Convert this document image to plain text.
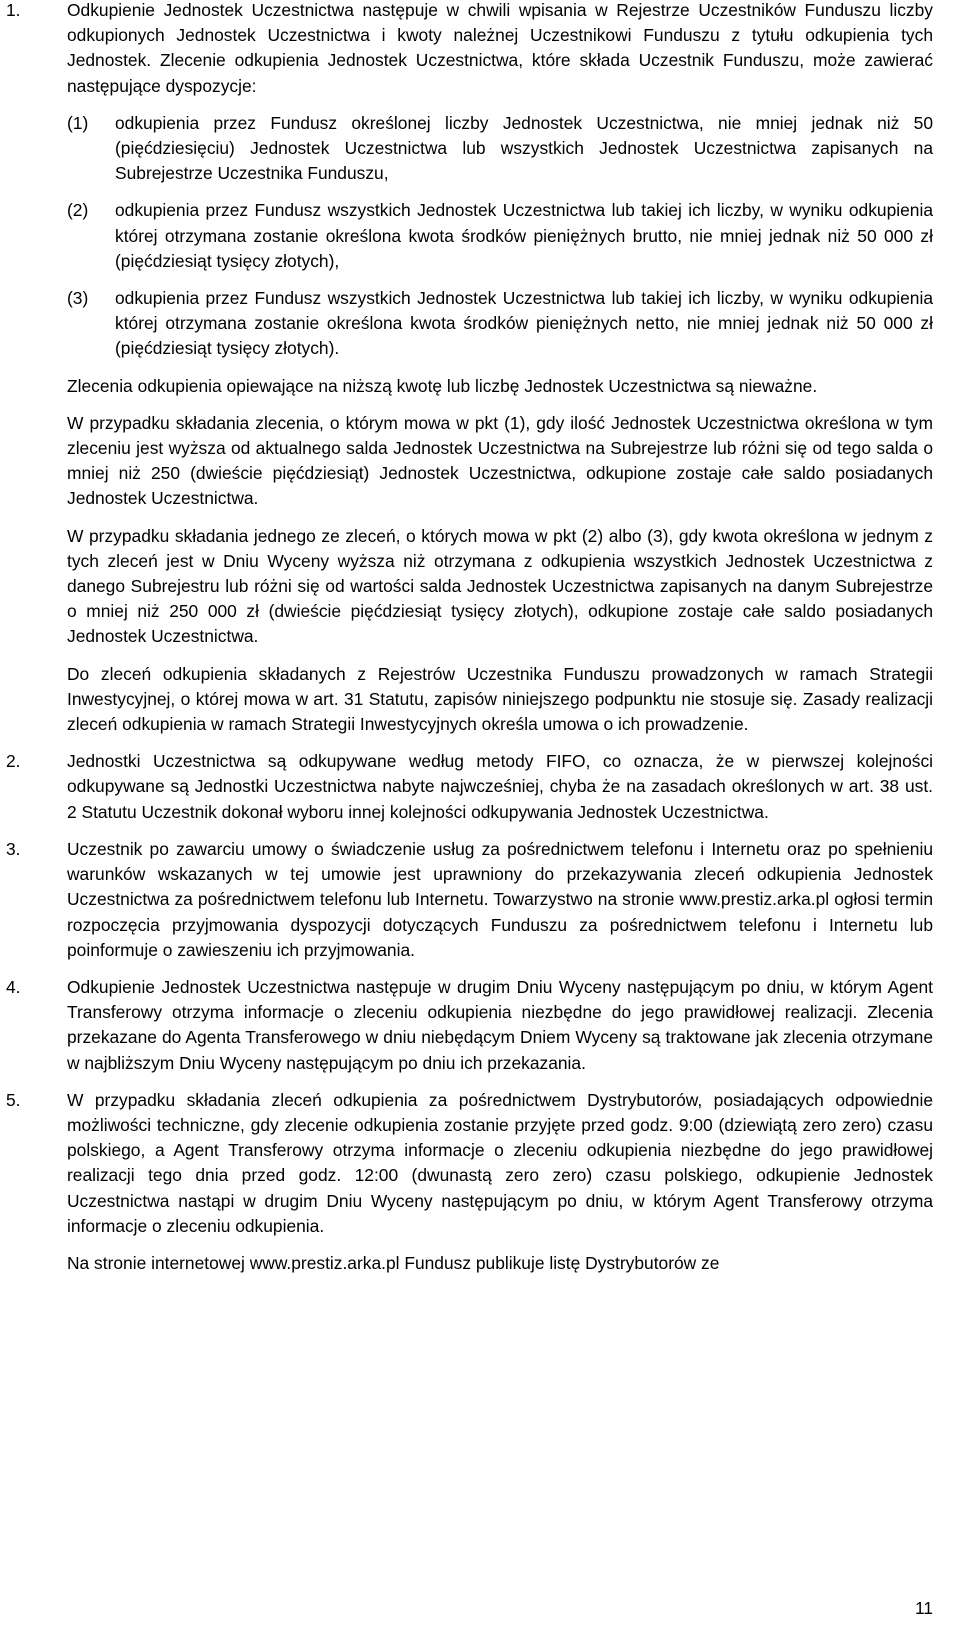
1.	Odkupienie Jednostek Uczestnictwa następuje w chwili wpisania w Rejestrze Uczestników Funduszu liczby odkupionych Jednostek Uczestnictwa i kwoty należnej Uczestnikowi Funduszu z tytułu odkupienia tych Jednostek. Zlecenie odkupienia Jednostek Uczestnictwa, które składa Uczestnik Funduszu, może zawierać następujące dyspozycje:

(1) odkupienia przez Fundusz określonej liczby Jednostek Uczestnictwa, nie mniej jednak niż 50 (pięćdziesięciu) Jednostek Uczestnictwa lub wszystkich Jednostek Uczestnictwa zapisanych na Subrejestrze Uczestnika Funduszu,

(2) odkupienia przez Fundusz wszystkich Jednostek Uczestnictwa lub takiej ich liczby, w wyniku odkupienia której otrzymana zostanie określona kwota środków pieniężnych brutto, nie mniej jednak niż 50 000 zł (pięćdziesiąt tysięcy złotych),

(3) odkupienia przez Fundusz wszystkich Jednostek Uczestnictwa lub takiej ich liczby, w wyniku odkupienia której otrzymana zostanie określona kwota środków pieniężnych netto, nie mniej jednak niż 50 000 zł (pięćdziesiąt tysięcy złotych).

Zlecenia odkupienia opiewające na niższą kwotę lub liczbę Jednostek Uczestnictwa są nieważne.

W przypadku składania zlecenia, o którym mowa w pkt (1), gdy ilość Jednostek Uczestnictwa określona w tym zleceniu jest wyższa od aktualnego salda Jednostek Uczestnictwa na Subrejestrze lub różni się od tego salda o mniej niż 250 (dwieście pięćdziesiąt) Jednostek Uczestnictwa, odkupione zostaje całe saldo posiadanych Jednostek Uczestnictwa.

W przypadku składania jednego ze zleceń, o których mowa w pkt (2) albo (3), gdy kwota określona w jednym z tych zleceń jest w Dniu Wyceny wyższa niż otrzymana z odkupienia wszystkich Jednostek Uczestnictwa z danego Subrejestru lub różni się od wartości salda Jednostek Uczestnictwa zapisanych na danym Subrejestrze o mniej niż 250 000 zł (dwieście pięćdziesiąt tysięcy złotych), odkupione zostaje całe saldo posiadanych Jednostek Uczestnictwa.

Do zleceń odkupienia składanych z Rejestrów Uczestnika Funduszu prowadzonych w ramach Strategii Inwestycyjnej, o której mowa w art. 31 Statutu, zapisów niniejszego podpunktu nie stosuje się. Zasady realizacji zleceń odkupienia w ramach Strategii Inwestycyjnych określa umowa o ich prowadzenie.

2.	Jednostki Uczestnictwa są odkupywane według metody FIFO, co oznacza, że w pierwszej kolejności odkupywane są Jednostki Uczestnictwa nabyte najwcześniej, chyba że na zasadach określonych w art. 38 ust. 2 Statutu Uczestnik dokonał wyboru innej kolejności odkupywania Jednostek Uczestnictwa.

3.	Uczestnik po zawarciu umowy o świadczenie usług za pośrednictwem telefonu i Internetu oraz po spełnieniu warunków wskazanych w tej umowie jest uprawniony do przekazywania zleceń odkupienia Jednostek Uczestnictwa za pośrednictwem telefonu lub Internetu. Towarzystwo na stronie www.prestiz.arka.pl ogłosi termin rozpoczęcia przyjmowania dyspozycji dotyczących Funduszu za pośrednictwem telefonu i Internetu lub poinformuje o zawieszeniu ich przyjmowania.

4.	Odkupienie Jednostek Uczestnictwa następuje w drugim Dniu Wyceny następującym po dniu, w którym Agent Transferowy otrzyma informacje o zleceniu odkupienia niezbędne do jego prawidłowej realizacji. Zlecenia przekazane do Agenta Transferowego w dniu niebędącym Dniem Wyceny są traktowane jak zlecenia otrzymane w najbliższym Dniu Wyceny następującym po dniu ich przekazania.

5.	W przypadku składania zleceń odkupienia za pośrednictwem Dystrybutorów, posiadających odpowiednie możliwości techniczne, gdy zlecenie odkupienia zostanie przyjęte przed godz. 9:00 (dziewiątą zero zero) czasu polskiego, a Agent Transferowy otrzyma informacje o zleceniu odkupienia niezbędne do jego prawidłowej realizacji tego dnia przed godz. 12:00 (dwunastą zero zero) czasu polskiego, odkupienie Jednostek Uczestnictwa nastąpi w drugim Dniu Wyceny następującym po dniu, w którym Agent Transferowy otrzyma informacje o zleceniu odkupienia.

Na stronie internetowej www.prestiz.arka.pl Fundusz publikuje listę Dystrybutorów ze

11
